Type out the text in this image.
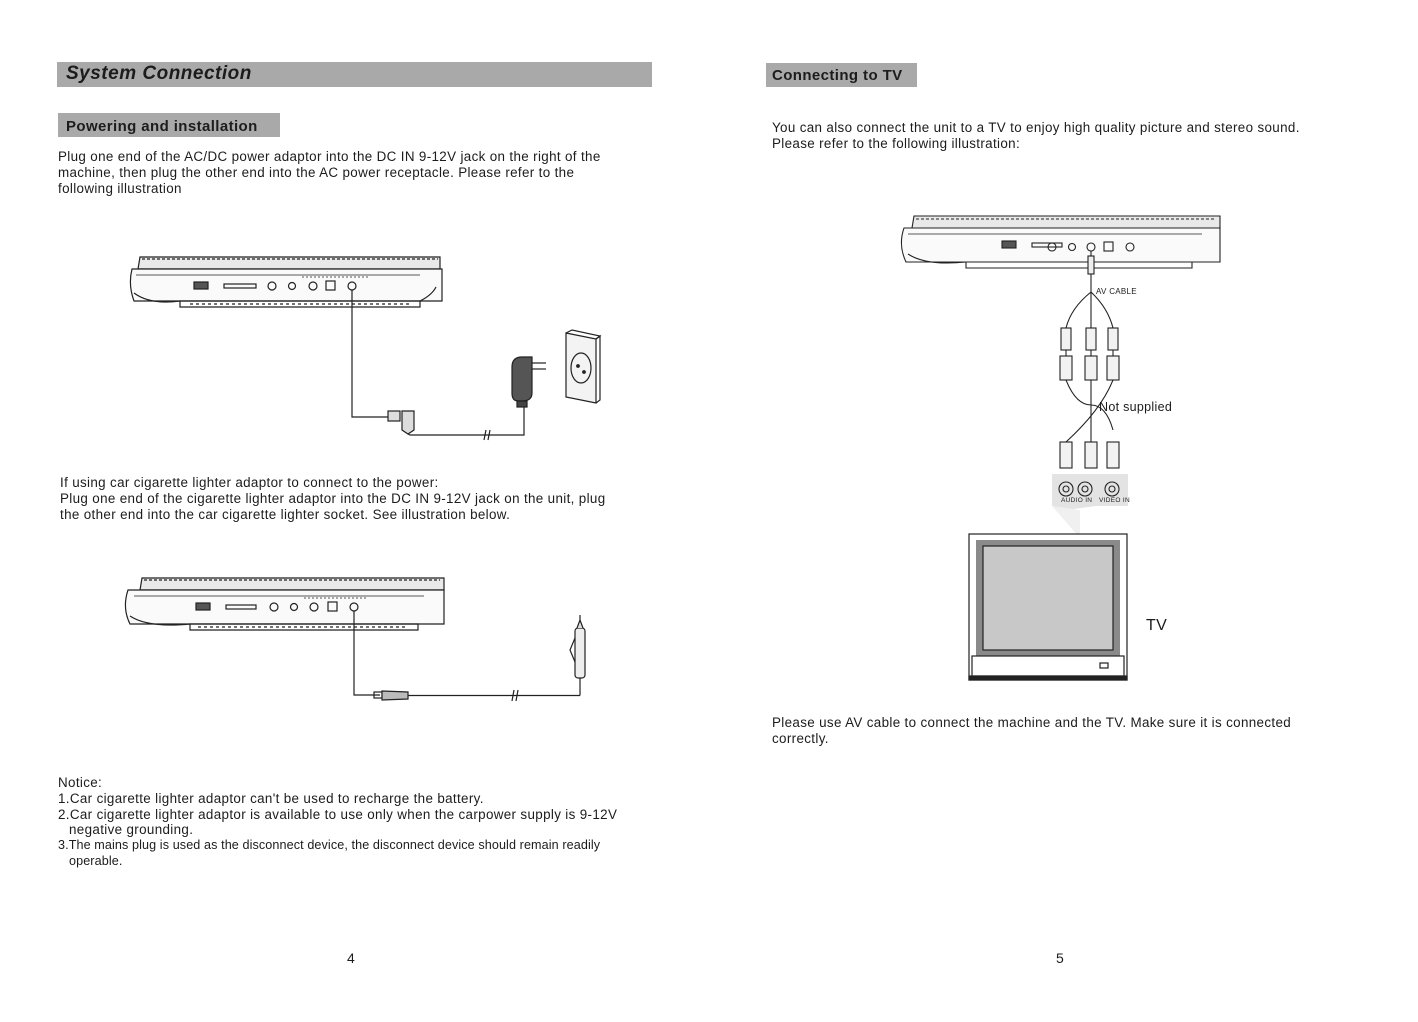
System Connection
Powering and installation

Plug one end of the AC/DC power adaptor into the DC IN 9-12V jack on the right of the

machine, then plug the other end into the AC power receptacle. Please refer to the

following illustration

If using car cigarette lighter adaptor to connect to the power:

Plug one end of the cigarette lighter adaptor into the DC IN 9-12V jack on the unit, plug

the other end into the car cigarette lighter socket. See illustration below.

Notice:

1.Car cigarette lighter adaptor can't be used to recharge the battery.

2.Car cigarette lighter adaptor is available to use only when the carpower supply is 9-12V

negative grounding.

3.The mains plug is used as the disconnect device, the disconnect device should remain readily

operable.

4
Connecting to TV

You can also connect the unit to a TV to enjoy high quality picture and stereo sound.

Please refer to the following illustration:

AV CABLE
Not supplied
AUDIO IN VIDEO IN
TV

Please use AV cable to connect the machine and the TV. Make sure it is connected

correctly.

5
